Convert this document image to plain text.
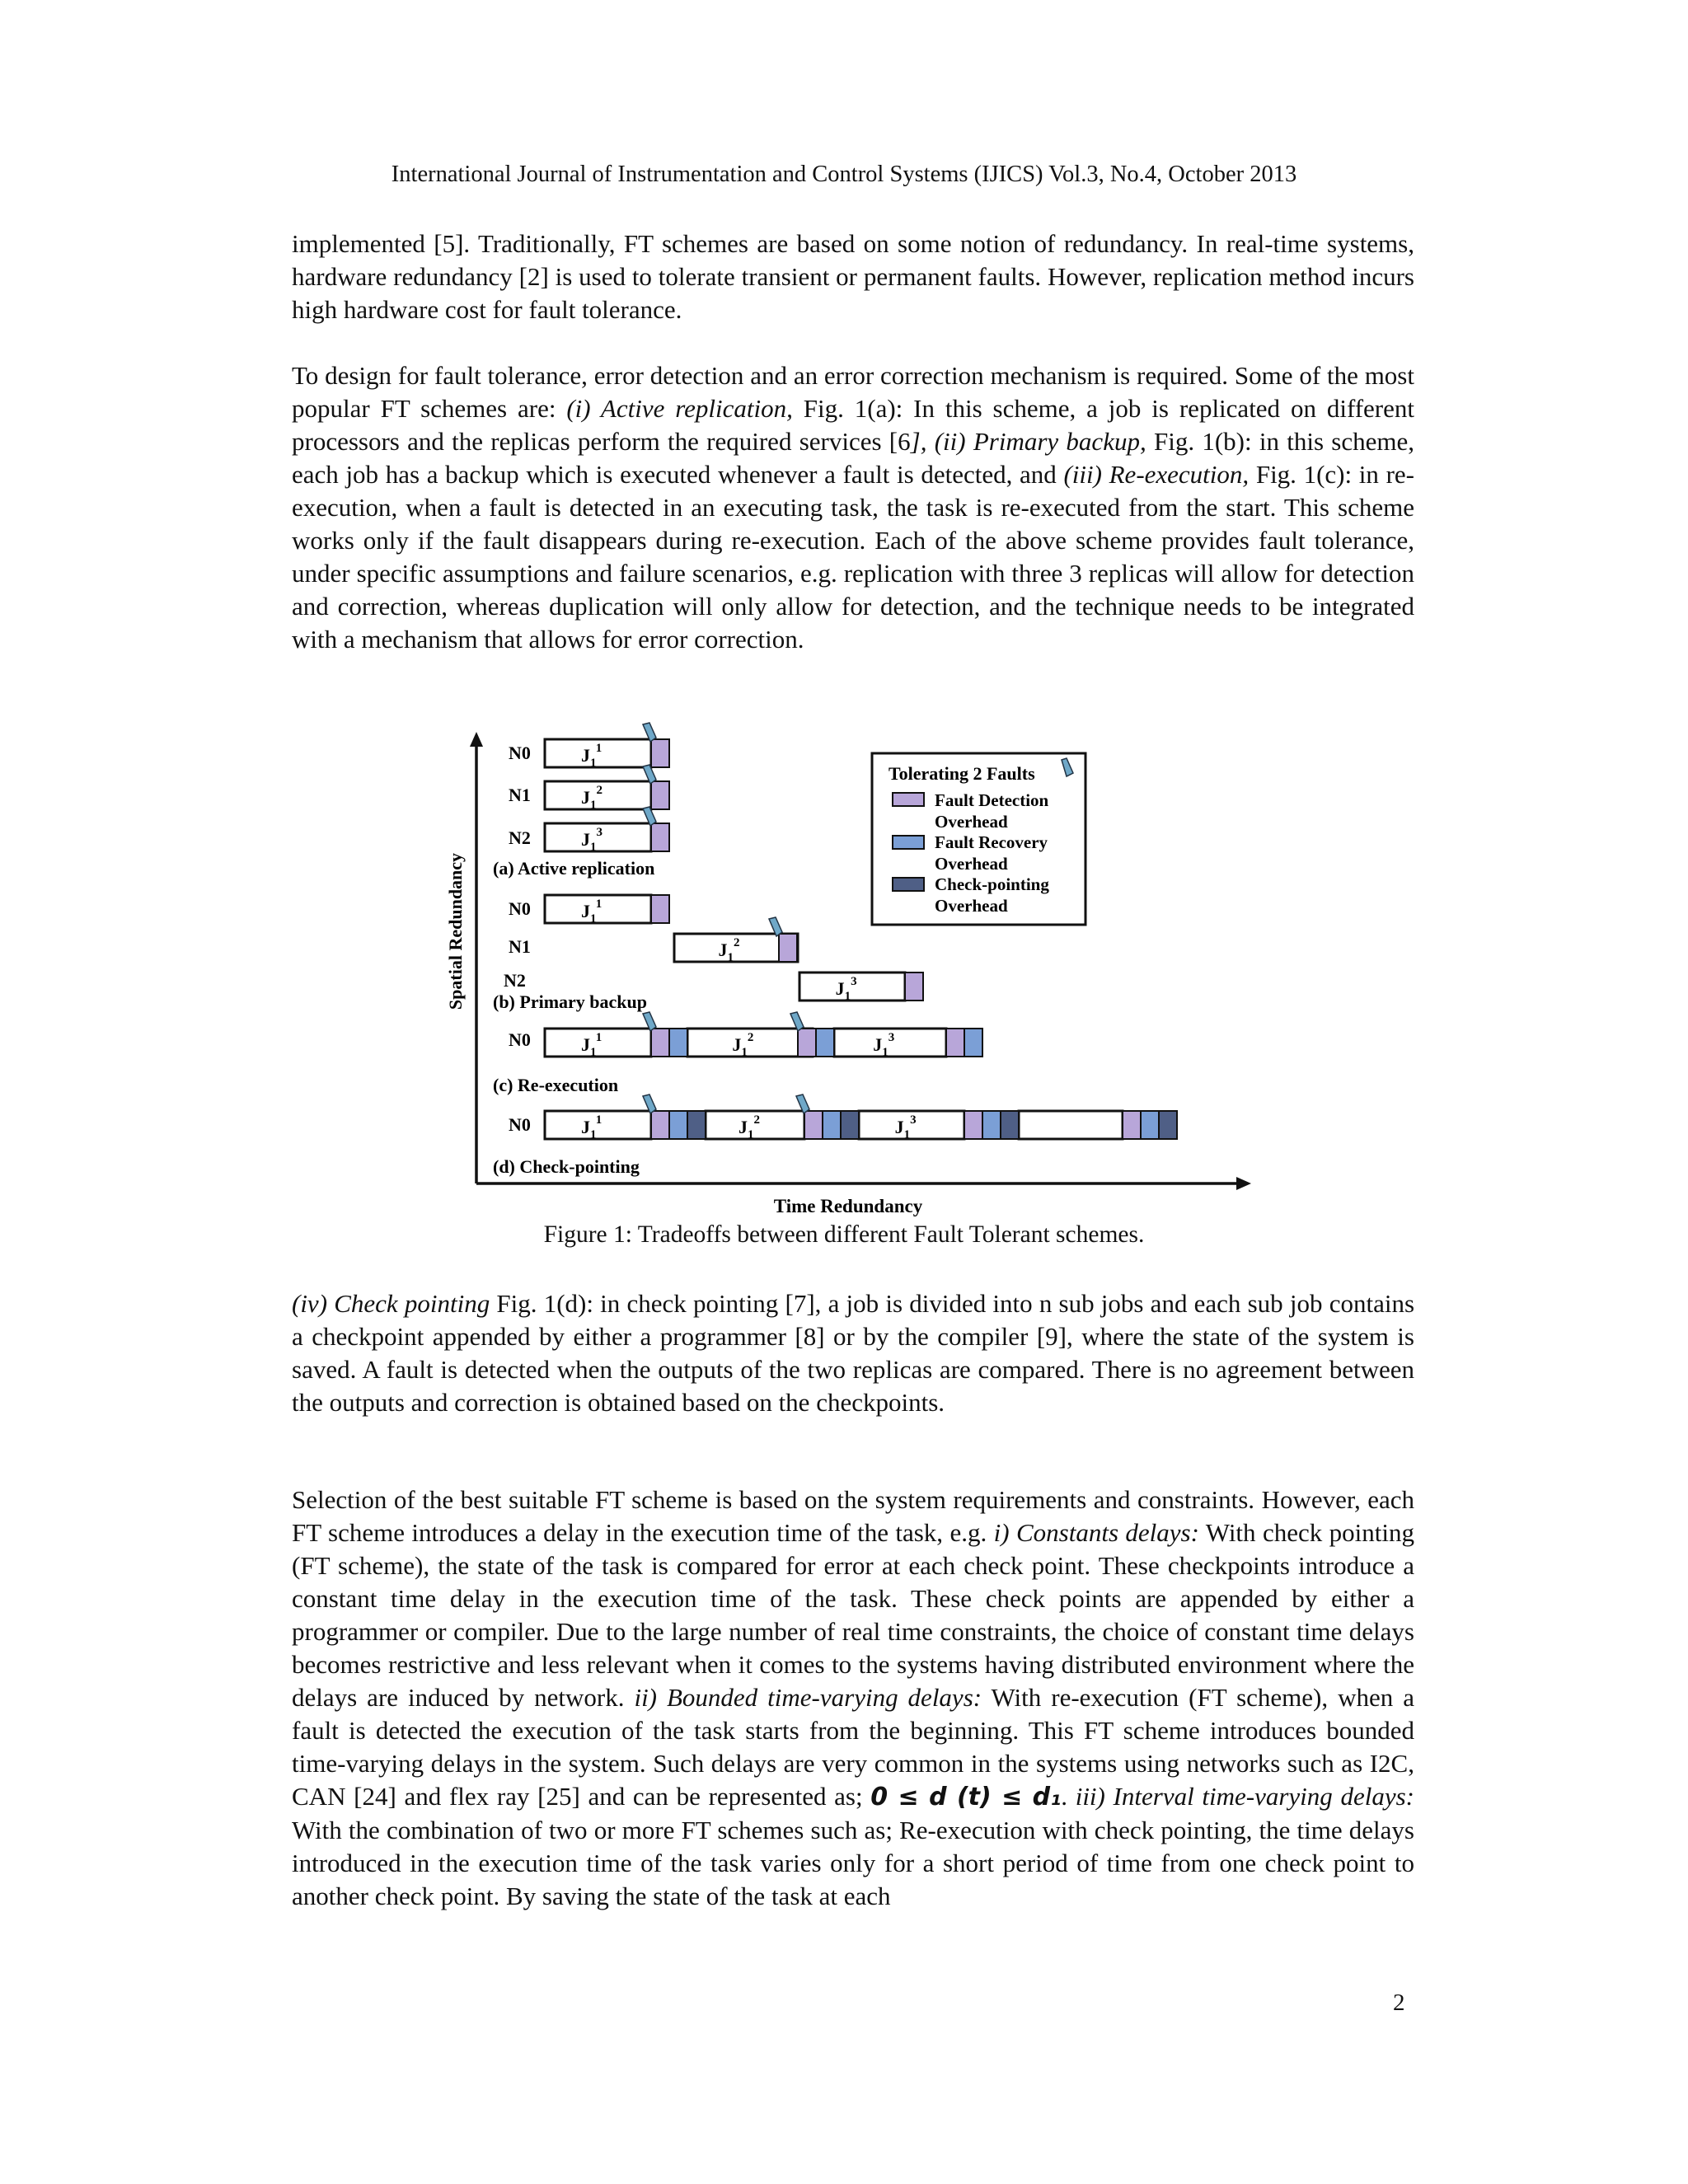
International Journal of Instrumentation and Control Systems (IJICS) Vol.3, No.4, October 2013

implemented [5]. Traditionally, FT schemes are based on some notion of redundancy. In real-time systems, hardware redundancy [2] is used to tolerate transient or permanent faults. However, replication method incurs high hardware cost for fault tolerance.

To design for fault tolerance, error detection and an error correction mechanism is required. Some of the most popular FT schemes are: (i) Active replication, Fig. 1(a): In this scheme, a job is replicated on different processors and the replicas perform the required services [6], (ii) Primary backup, Fig. 1(b): in this scheme, each job has a backup which is executed whenever a fault is detected, and (iii) Re-execution, Fig. 1(c): in re-execution, when a fault is detected in an executing task, the task is re-executed from the start. This scheme works only if the fault disappears during re-execution. Each of the above scheme provides fault tolerance, under specific assumptions and failure scenarios, e.g. replication with three 3 replicas will allow for detection and correction, whereas duplication will only allow for detection, and the technique needs to be integrated with a mechanism that allows for error correction.

Spatial Redundancy
Time Redundancy
N0
N1
N2
N0
N1
N2
N0
N0
(a) Active replication
(b) Primary backup
(c) Re-execution
(d) Check-pointing
$J_1^1$
$J_1^2$
$J_1^3$
$J_1^1$
$J_1^2$
$J_1^3$
$J_1^1$	$J_1^2$	$J_1^3$
$J_1^1$	$J_1^2$	$J_1^3$
Tolerating 2 Faults
Fault Detection
Overhead
Fault Recovery
Overhead
Check-pointing
Overhead
Figure 1: Tradeoffs between different Fault Tolerant schemes.

(iv) Check pointing Fig. 1(d): in check pointing [7], a job is divided into n sub jobs and each sub job contains a checkpoint appended by either a programmer [8] or by the compiler [9], where the state of the system is saved. A fault is detected when the outputs of the two replicas are compared. There is no agreement between the outputs and correction is obtained based on the checkpoints.

Selection of the best suitable FT scheme is based on the system requirements and constraints. However, each FT scheme introduces a delay in the execution time of the task, e.g. i) Constants delays: With check pointing (FT scheme), the state of the task is compared for error at each check point. These checkpoints introduce a constant time delay in the execution time of the task. These check points are appended by either a programmer or compiler. Due to the large number of real time constraints, the choice of constant time delays becomes restrictive and less relevant when it comes to the systems having distributed environment where the delays are induced by network. ii) Bounded time-varying delays: With re-execution (FT scheme), when a fault is detected the execution of the task starts from the beginning. This FT scheme introduces bounded time-varying delays in the system. Such delays are very common in the systems using networks such as I2C, CAN [24] and flex ray [25] and can be represented as; 0 ≤ d (t) ≤ d₁. iii) Interval time-varying delays: With the combination of two or more FT schemes such as; Re-execution with check pointing, the time delays introduced in the execution time of the task varies only for a short period of time from one check point to another check point. By saving the state of the task at each

2
